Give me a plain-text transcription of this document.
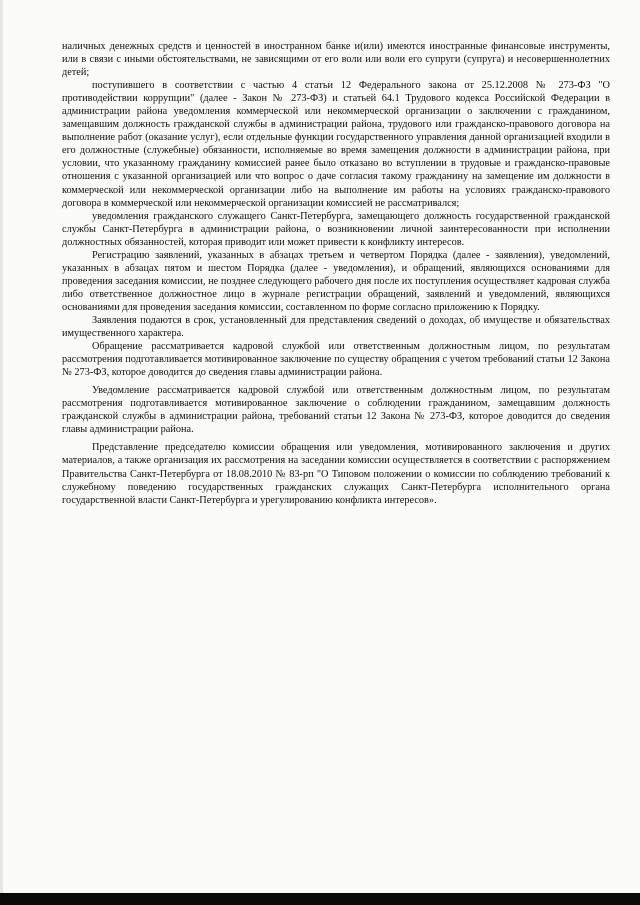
наличных денежных средств и ценностей в иностранном банке и(или) имеются иностранные финансовые инструменты, или в связи с иными обстоятельствами, не зависящими от его воли или воли его супруги (супруга) и несовершеннолетних детей;

поступившего в соответствии с частью 4 статьи 12 Федерального закона от 25.12.2008 № 273-ФЗ "О противодействии коррупции" (далее - Закон № 273-ФЗ) и статьей 64.1 Трудового кодекса Российской Федерации в администрации района уведомления коммерческой или некоммерческой организации о заключении с гражданином, замещавшим должность гражданской службы в администрации района, трудового или гражданско-правового договора на выполнение работ (оказание услуг), если отдельные функции государственного управления данной организацией входили в его должностные (служебные) обязанности, исполняемые во время замещения должности в администрации района, при условии, что указанному гражданину комиссией ранее было отказано во вступлении в трудовые и гражданско-правовые отношения с указанной организацией или что вопрос о даче согласия такому гражданину на замещение им должности в коммерческой или некоммерческой организации либо на выполнение им работы на условиях гражданско-правового договора в коммерческой или некоммерческой организации комиссией не рассматривался;

уведомления гражданского служащего Санкт-Петербурга, замещающего должность государственной гражданской службы Санкт-Петербурга в администрации района, о возникновении личной заинтересованности при исполнении должностных обязанностей, которая приводит или может привести к конфликту интересов.

Регистрацию заявлений, указанных в абзацах третьем и четвертом Порядка (далее - заявления), уведомлений, указанных в абзацах пятом и шестом Порядка (далее - уведомления), и обращений, являющихся основаниями для проведения заседания комиссии, не позднее следующего рабочего дня после их поступления осуществляет кадровая служба либо ответственное должностное лицо в журнале регистрации обращений, заявлений и уведомлений, являющихся основаниями для проведения заседания комиссии, составленном по форме согласно приложению к Порядку.

Заявления подаются в срок, установленный для представления сведений о доходах, об имуществе и обязательствах имущественного характера.

Обращение рассматривается кадровой службой или ответственным должностным лицом, по результатам рассмотрения подготавливается мотивированное заключение по существу обращения с учетом требований статьи 12 Закона № 273-ФЗ, которое доводится до сведения главы администрации района.

Уведомление рассматривается кадровой службой или ответственным должностным лицом, по результатам рассмотрения подготавливается мотивированное заключение о соблюдении гражданином, замещавшим должность гражданской службы в администрации района, требований статьи 12 Закона № 273-ФЗ, которое доводится до сведения главы администрации района.

Представление председателю комиссии обращения или уведомления, мотивированного заключения и других материалов, а также организация их рассмотрения на заседании комиссии осуществляется в соответствии с распоряжением Правительства Санкт-Петербурга от 18.08.2010 № 83-рп "О Типовом положении о комиссии по соблюдению требований к служебному поведению государственных гражданских служащих Санкт-Петербурга исполнительного органа государственной власти Санкт-Петербурга и урегулированию конфликта интересов».
